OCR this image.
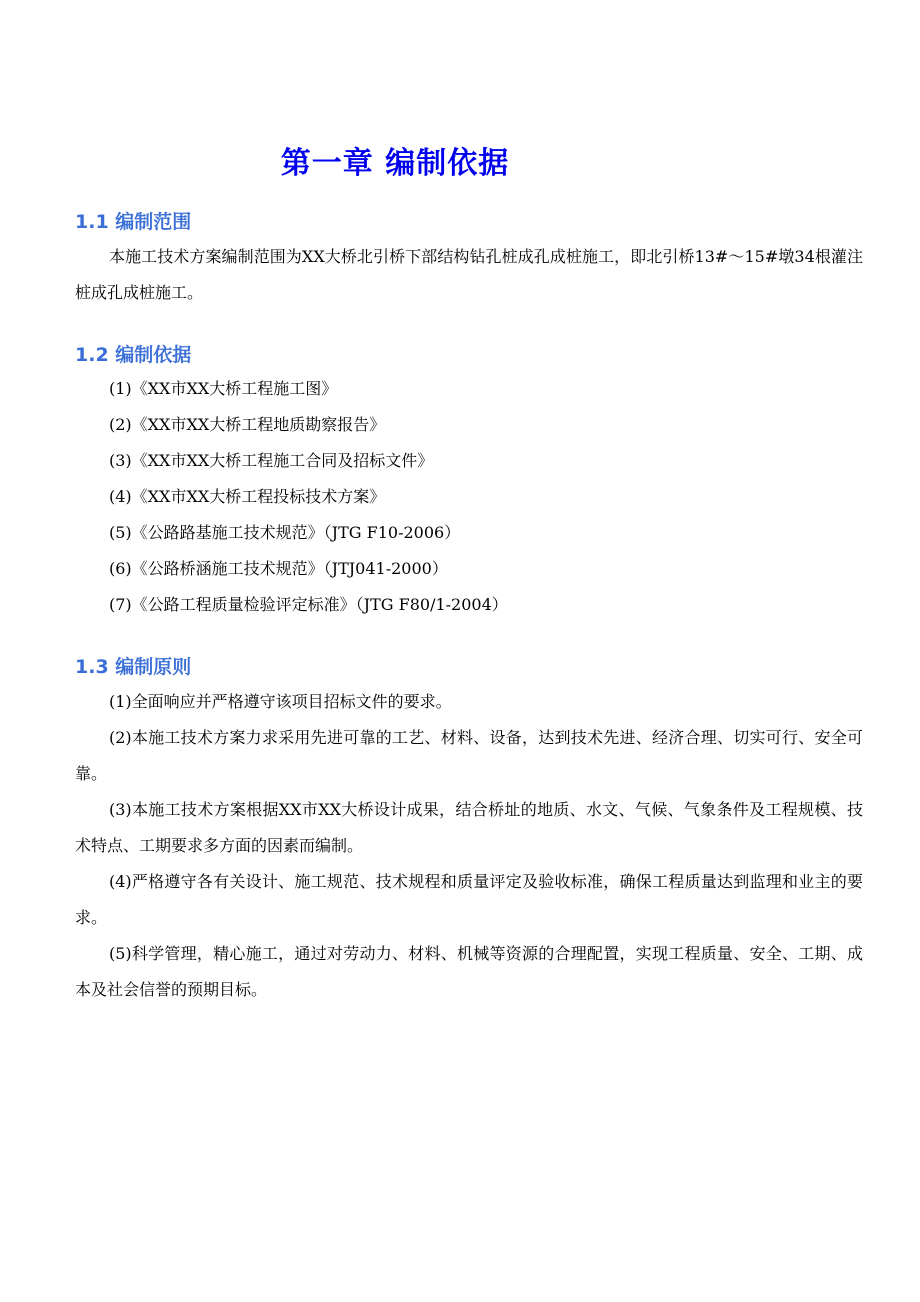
第一章 编制依据
1.1 编制范围

本施工技术方案编制范围为XX大桥北引桥下部结构钻孔桩成孔成桩施工，即北引桥13#～15#墩34根灌注桩成孔成桩施工。

1.2 编制依据

(1)《XX市XX大桥工程施工图》

(2)《XX市XX大桥工程地质勘察报告》

(3)《XX市XX大桥工程施工合同及招标文件》

(4)《XX市XX大桥工程投标技术方案》

(5)《公路路基施工技术规范》（JTG F10-2006）

(6)《公路桥涵施工技术规范》（JTJ041-2000）

(7)《公路工程质量检验评定标准》（JTG F80/1-2004）

1.3 编制原则

(1)全面响应并严格遵守该项目招标文件的要求。

(2)本施工技术方案力求采用先进可靠的工艺、材料、设备，达到技术先进、经济合理、切实可行、安全可靠。

(3)本施工技术方案根据XX市XX大桥设计成果，结合桥址的地质、水文、气候、气象条件及工程规模、技术特点、工期要求多方面的因素而编制。

(4)严格遵守各有关设计、施工规范、技术规程和质量评定及验收标准，确保工程质量达到监理和业主的要求。

(5)科学管理，精心施工，通过对劳动力、材料、机械等资源的合理配置，实现工程质量、安全、工期、成本及社会信誉的预期目标。
